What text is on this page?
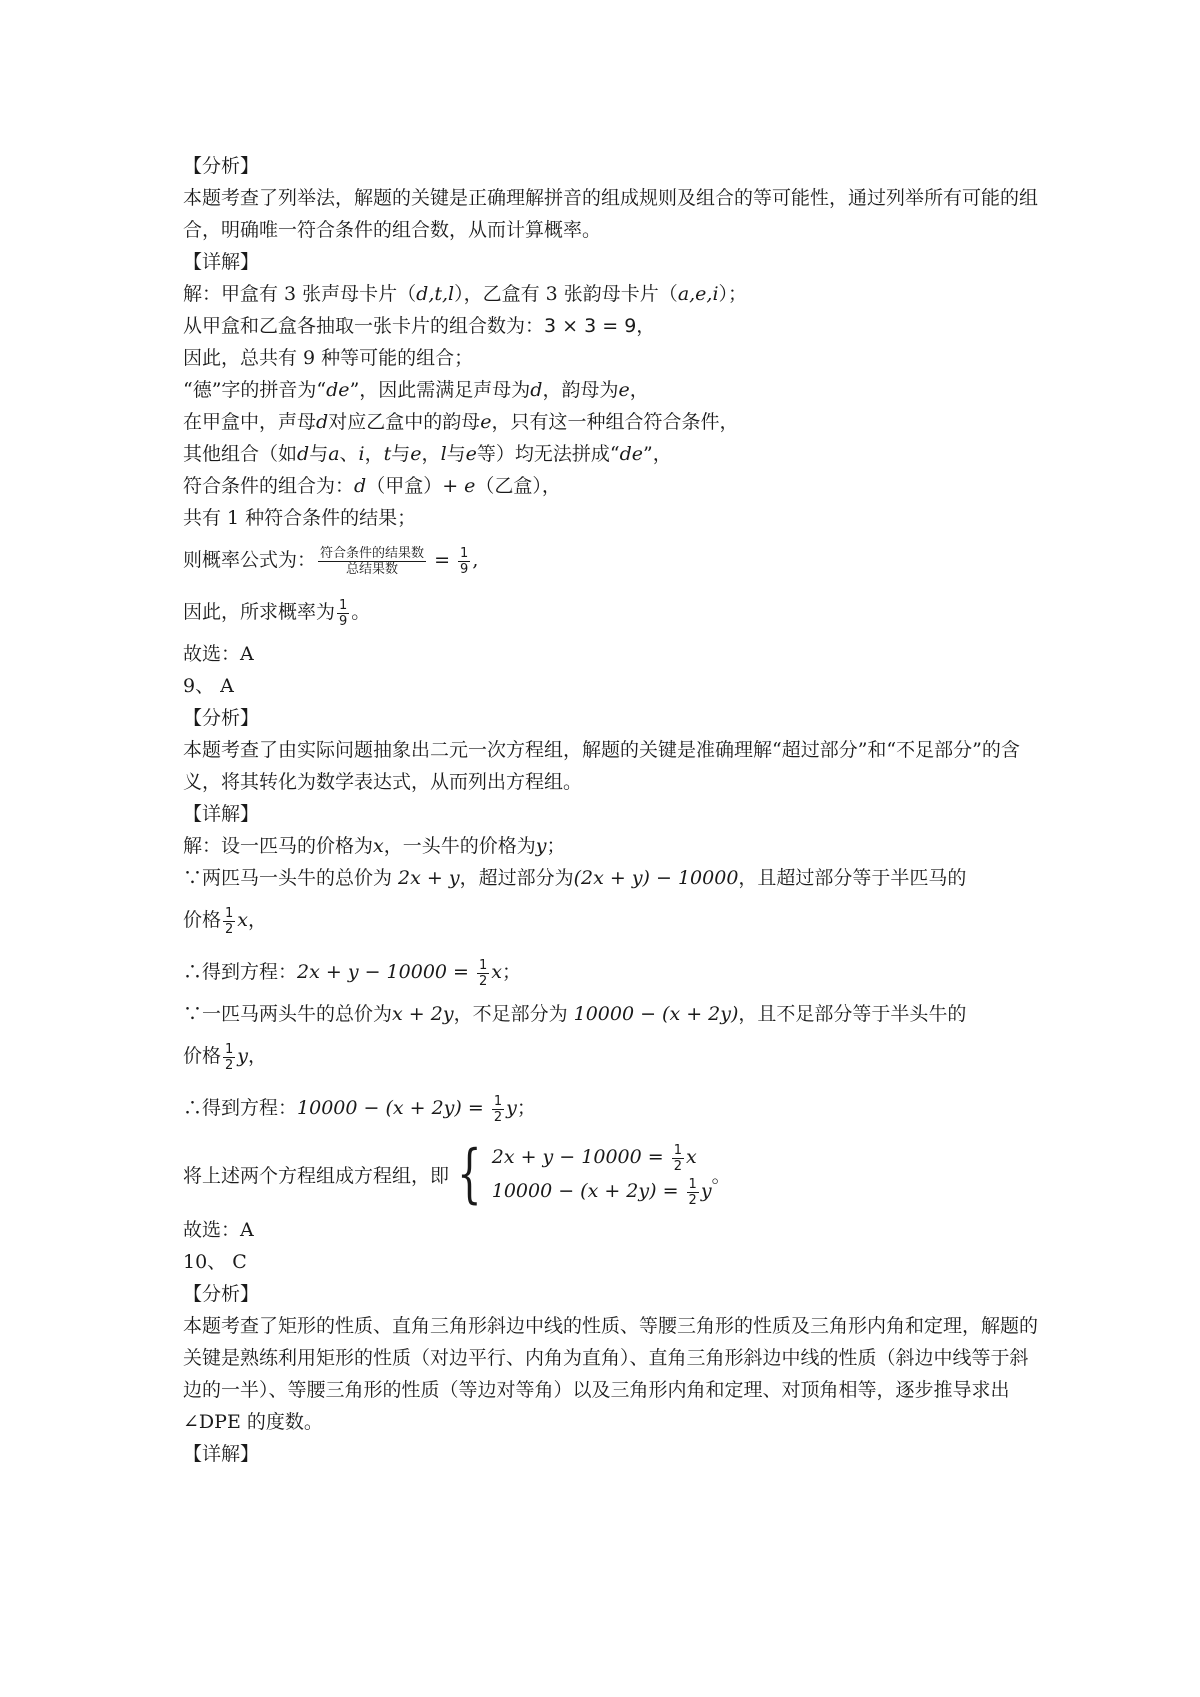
【分析】
本题考查了列举法，解题的关键是正确理解拼音的组成规则及组合的等可能性，通过列举所有可能的组合，明确唯一符合条件的组合数，从而计算概率。
【详解】
解：甲盒有 3 张声母卡片（d,t,l），乙盒有 3 张韵母卡片（a,e,i）；
从甲盒和乙盒各抽取一张卡片的组合数为：3 × 3 = 9，
因此，总共有 9 种等可能的组合；
“德”字的拼音为“de”，因此需满足声母为d，韵母为e，
在甲盒中，声母d对应乙盒中的韵母e，只有这一种组合符合条件，
其他组合（如d与a、i，t与e，l与e等）均无法拼成“de”，
符合条件的组合为：d（甲盒）+ e（乙盒），
共有 1 种符合条件的结果；
则概率公式为： $\frac{\text{符合条件的结果数}}{\text{总结果数}} = \frac{1}{9}$ ,
因此，所求概率为 $\frac{1}{9}$ 。
故选：A
9、 A
【分析】
本题考查了由实际问题抽象出二元一次方程组，解题的关键是准确理解“超过部分”和“不足部分”的含义，将其转化为数学表达式，从而列出方程组。
【详解】
解：设一匹马的价格为x，一头牛的价格为y；
∵两匹马一头牛的总价为 2x + y，超过部分为(2x + y) − 10000，且超过部分等于半匹马的
价格 $\frac{1}{2}$ x，
∴得到方程：$2x + y - 10000 = \frac{1}{2}$ x；
∵一匹马两头牛的总价为x + 2y，不足部分为 10000 − (x + 2y)，且不足部分等于半头牛的
价格 $\frac{1}{2}$ y，
∴得到方程：$10000 - (x + 2y) = \frac{1}{2}$ y；
将上述两个方程组成方程组，即 { $2x + y - 10000 = \frac{1}{2}$ x
$10000 - (x + 2y) = \frac{1}{2}$ y
。
故选：A
10、 C
【分析】
本题考查了矩形的性质、直角三角形斜边中线的性质、等腰三角形的性质及三角形内角和定理，解题的关键是熟练利用矩形的性质（对边平行、内角为直角）、直角三角形斜边中线的性质（斜边中线等于斜边的一半）、等腰三角形的性质（等边对等角）以及三角形内角和定理、对顶角相等，逐步推导求出∠DPE 的度数。
【详解】
